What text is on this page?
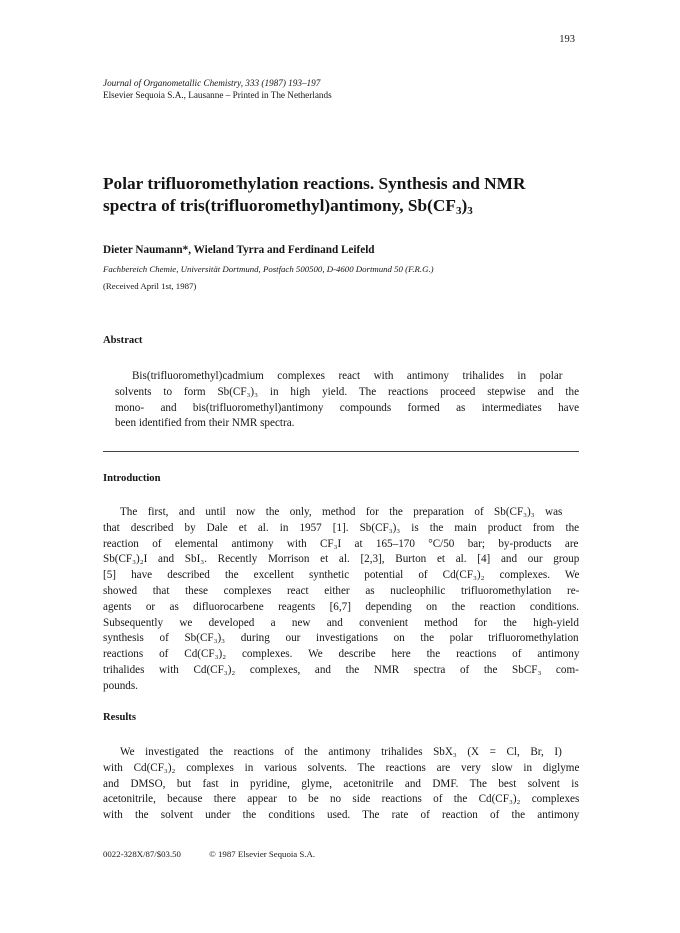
193
Journal of Organometallic Chemistry, 333 (1987) 193–197
Elsevier Sequoia S.A., Lausanne – Printed in The Netherlands
Polar trifluoromethylation reactions. Synthesis and NMR
spectra of tris(trifluoromethyl)antimony, $Sb(CF_3)_3$
Dieter Naumann*, Wieland Tyrra and Ferdinand Leifeld
Fachbereich Chemie, Universität Dortmund, Postfach 500500, D-4600 Dortmund 50 (F.R.G.)
(Received April 1st, 1987)
Abstract

Bis(trifluoromethyl)cadmium complexes react with antimony trihalides in polar
solvents to form Sb(CF₃)₃ in high yield. The reactions proceed stepwise and the
mono- and bis(trifluoromethyl)antimony compounds formed as intermediates have
been identified from their NMR spectra.

Introduction

The first, and until now the only, method for the preparation of Sb(CF₃)₃ was
that described by Dale et al. in 1957 [1]. Sb(CF₃)₃ is the main product from the
reaction of elemental antimony with CF₃I at 165–170 °C/50 bar; by-products are
Sb(CF₃)₂I and SbI₃. Recently Morrison et al. [2,3], Burton et al. [4] and our group
[5] have described the excellent synthetic potential of Cd(CF₃)₂ complexes. We
showed that these complexes react either as nucleophilic trifluoromethylation re-
agents or as difluorocarbene reagents [6,7] depending on the reaction conditions.
Subsequently we developed a new and convenient method for the high-yield
synthesis of Sb(CF₃)₃ during our investigations on the polar trifluoromethylation
reactions of Cd(CF₃)₂ complexes. We describe here the reactions of antimony
trihalides with Cd(CF₃)₂ complexes, and the NMR spectra of the SbCF₃ com-
pounds.

Results

We investigated the reactions of the antimony trihalides SbX₃ (X = Cl, Br, I)
with Cd(CF₃)₂ complexes in various solvents. The reactions are very slow in diglyme
and DMSO, but fast in pyridine, glyme, acetonitrile and DMF. The best solvent is
acetonitrile, because there appear to be no side reactions of the Cd(CF₃)₂ complexes
with the solvent under the conditions used. The rate of reaction of the antimony

0022-328X/87/$03.50	© 1987 Elsevier Sequoia S.A.
